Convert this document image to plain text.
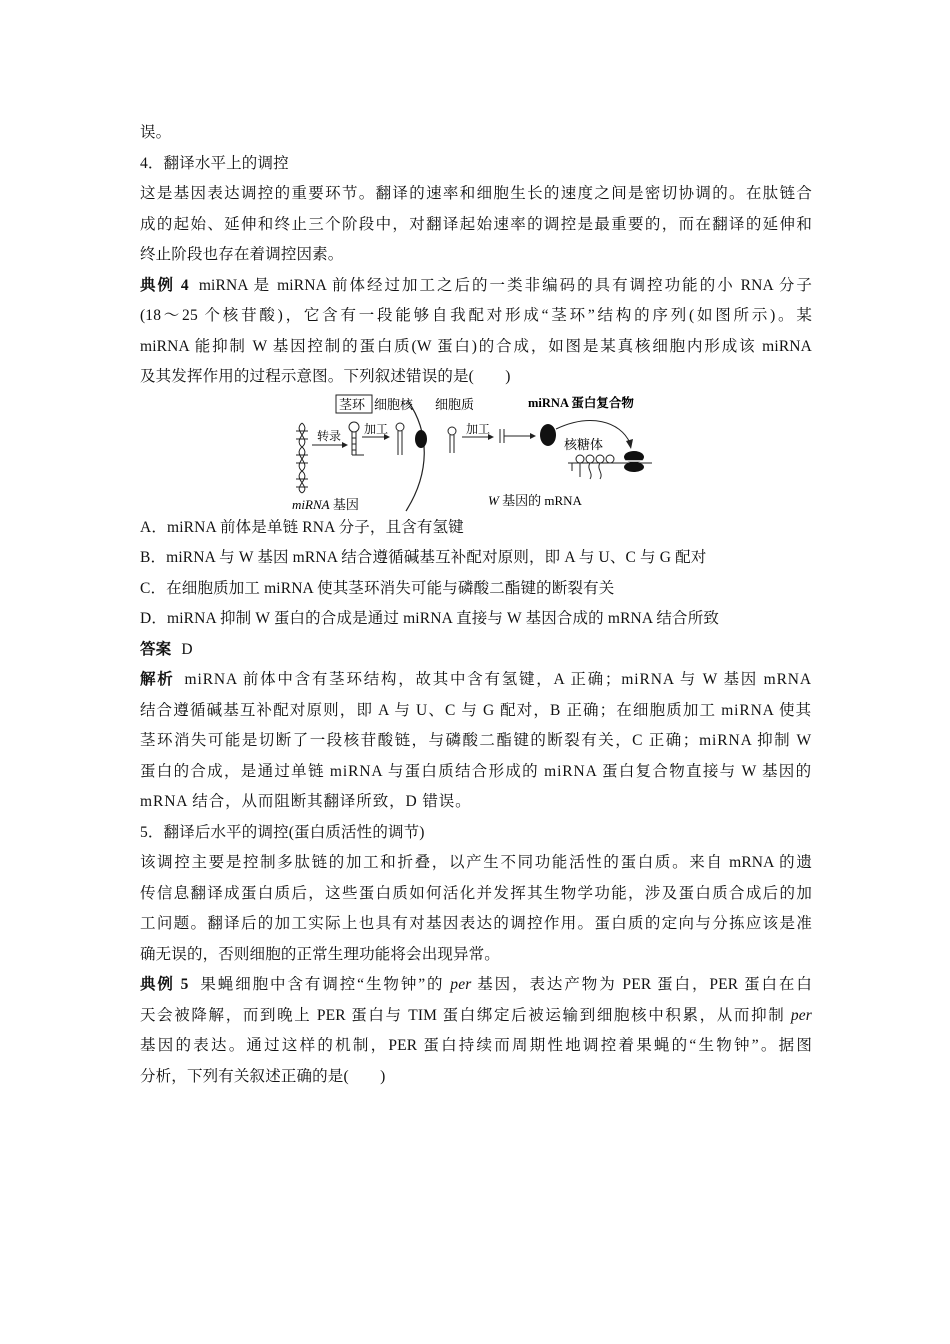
误。
4．翻译水平上的调控
这是基因表达调控的重要环节。翻译的速率和细胞生长的速度之间是密切协调的。在肽链合
成的起始、延伸和终止三个阶段中，对翻译起始速率的调控是最重要的，而在翻译的延伸和
终止阶段也存在着调控因素。
典例 4 miRNA 是 miRNA 前体经过加工之后的一类非编码的具有调控功能的小 RNA 分子
(18～25 个核苷酸)，它含有一段能够自我配对形成“茎环”结构的序列(如图所示)。某
miRNA 能抑制 W 基因控制的蛋白质(W 蛋白)的合成，如图是某真核细胞内形成该 miRNA
及其发挥作用的过程示意图。下列叙述错误的是(　　)
茎环 细胞核
转录 加工
细胞质
加工
miRNA 蛋白复合物
核糖体
miRNA 基因	W 基因的 mRNA
A．miRNA 前体是单链 RNA 分子，且含有氢键
B．miRNA 与 W 基因 mRNA 结合遵循碱基互补配对原则，即 A 与 U、C 与 G 配对
C．在细胞质加工 miRNA 使其茎环消失可能与磷酸二酯键的断裂有关
D．miRNA 抑制 W 蛋白的合成是通过 miRNA 直接与 W 基因合成的 mRNA 结合所致
答案 D
解析 miRNA 前体中含有茎环结构，故其中含有氢键，A 正确；miRNA 与 W 基因 mRNA
结合遵循碱基互补配对原则，即 A 与 U、C 与 G 配对，B 正确；在细胞质加工 miRNA 使其
茎环消失可能是切断了一段核苷酸链，与磷酸二酯键的断裂有关，C 正确；miRNA 抑制 W
蛋白的合成，是通过单链 miRNA 与蛋白质结合形成的 miRNA 蛋白复合物直接与 W 基因的
mRNA 结合，从而阻断其翻译所致，D 错误。
5．翻译后水平的调控(蛋白质活性的调节)
该调控主要是控制多肽链的加工和折叠，以产生不同功能活性的蛋白质。来自 mRNA 的遗
传信息翻译成蛋白质后，这些蛋白质如何活化并发挥其生物学功能，涉及蛋白质合成后的加
工问题。翻译后的加工实际上也具有对基因表达的调控作用。蛋白质的定向与分拣应该是准
确无误的，否则细胞的正常生理功能将会出现异常。
典例 5 果蝇细胞中含有调控“生物钟”的 per 基因，表达产物为 PER 蛋白，PER 蛋白在白
天会被降解，而到晚上 PER 蛋白与 TIM 蛋白绑定后被运输到细胞核中积累，从而抑制 per
基因的表达。通过这样的机制，PER 蛋白持续而周期性地调控着果蝇的“生物钟”。据图
分析，下列有关叙述正确的是(　　)
